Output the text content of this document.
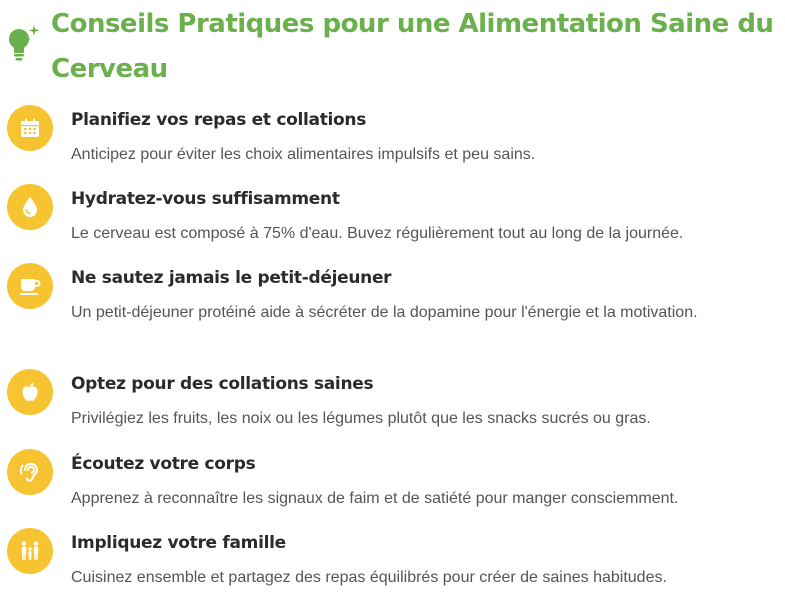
Conseils Pratiques pour une Alimentation Saine du Cerveau
Planifiez vos repas et collations
Anticipez pour éviter les choix alimentaires impulsifs et peu sains.
Hydratez-vous suffisamment
Le cerveau est composé à 75% d'eau. Buvez régulièrement tout au long de la journée.
Ne sautez jamais le petit-déjeuner
Un petit-déjeuner protéiné aide à sécréter de la dopamine pour l'énergie et la motivation.
Optez pour des collations saines
Privilégiez les fruits, les noix ou les légumes plutôt que les snacks sucrés ou gras.
Écoutez votre corps
Apprenez à reconnaître les signaux de faim et de satiété pour manger consciemment.
Impliquez votre famille
Cuisinez ensemble et partagez des repas équilibrés pour créer de saines habitudes.
